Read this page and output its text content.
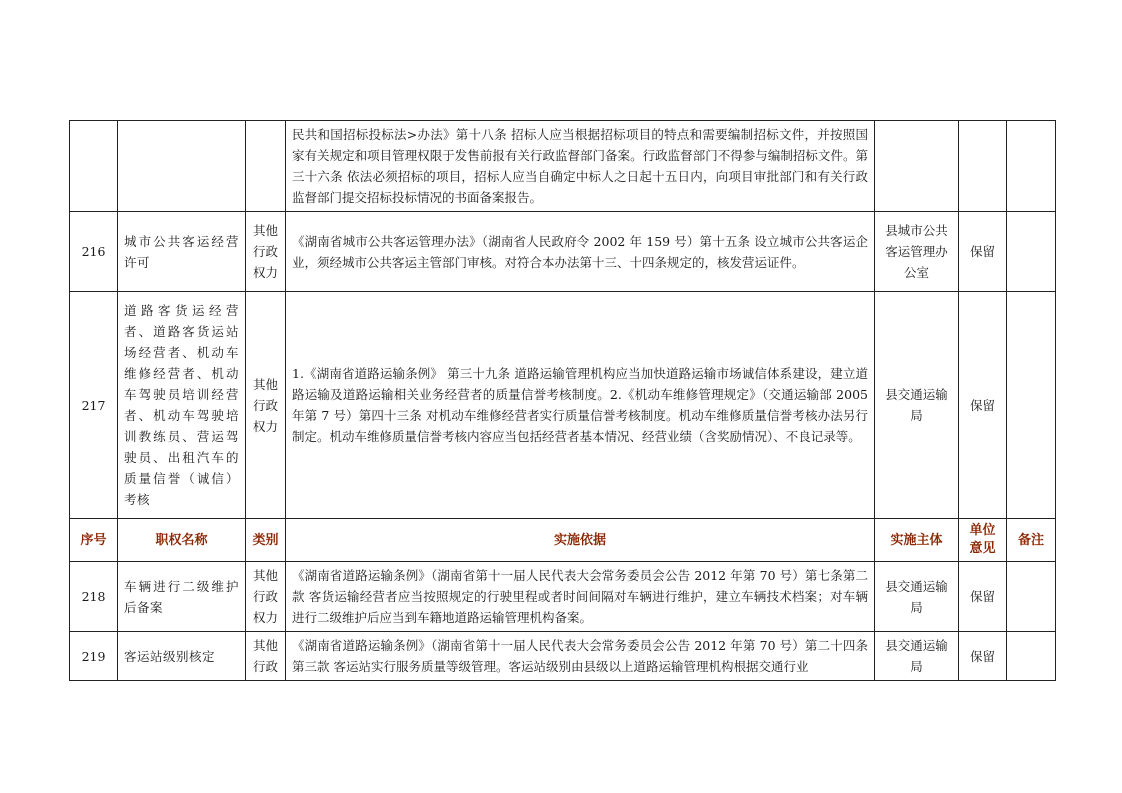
			民共和国招标投标法>办法》第十八条 招标人应当根据招标项目的特点和需要编制招标文件，并按照国家有关规定和项目管理权限于发售前报有关行政监督部门备案。行政监督部门不得参与编制招标文件。第三十六条 依法必须招标的项目，招标人应当自确定中标人之日起十五日内，向项目审批部门和有关行政监督部门提交招标投标情况的书面备案报告。			
216	城市公共客运经营许可	其他行政权力	《湖南省城市公共客运管理办法》（湖南省人民政府令 2002 年 159 号）第十五条 设立城市公共客运企业，须经城市公共客运主管部门审核。对符合本办法第十三、十四条规定的，核发营运证件。	县城市公共客运管理办公室	保留	
217	道路客货运经营者、道路客货运站场经营者、机动车维修经营者、机动车驾驶员培训经营者、机动车驾驶培训教练员、营运驾驶员、出租汽车的质量信誉（诚信）考核	其他行政权力	1.《湖南省道路运输条例》 第三十九条 道路运输管理机构应当加快道路运输市场诚信体系建设，建立道路运输及道路运输相关业务经营者的质量信誉考核制度。2.《机动车维修管理规定》（交通运输部 2005 年第 7 号）第四十三条 对机动车维修经营者实行质量信誉考核制度。机动车维修质量信誉考核办法另行制定。机动车维修质量信誉考核内容应当包括经营者基本情况、经营业绩（含奖励情况）、不良记录等。	县交通运输局	保留	
序号	职权名称	类别	实施依据	实施主体	单位意见	备注
218	车辆进行二级维护后备案	其他行政权力	《湖南省道路运输条例》（湖南省第十一届人民代表大会常务委员会公告 2012 年第 70 号）第七条第二款 客货运输经营者应当按照规定的行驶里程或者时间间隔对车辆进行维护，建立车辆技术档案；对车辆进行二级维护后应当到车籍地道路运输管理机构备案。	县交通运输局	保留	
219	客运站级别核定	其他行政	《湖南省道路运输条例》（湖南省第十一届人民代表大会常务委员会公告 2012 年第 70 号）第二十四条第三款 客运站实行服务质量等级管理。客运站级别由县级以上道路运输管理机构根据交通行业	县交通运输局	保留	
